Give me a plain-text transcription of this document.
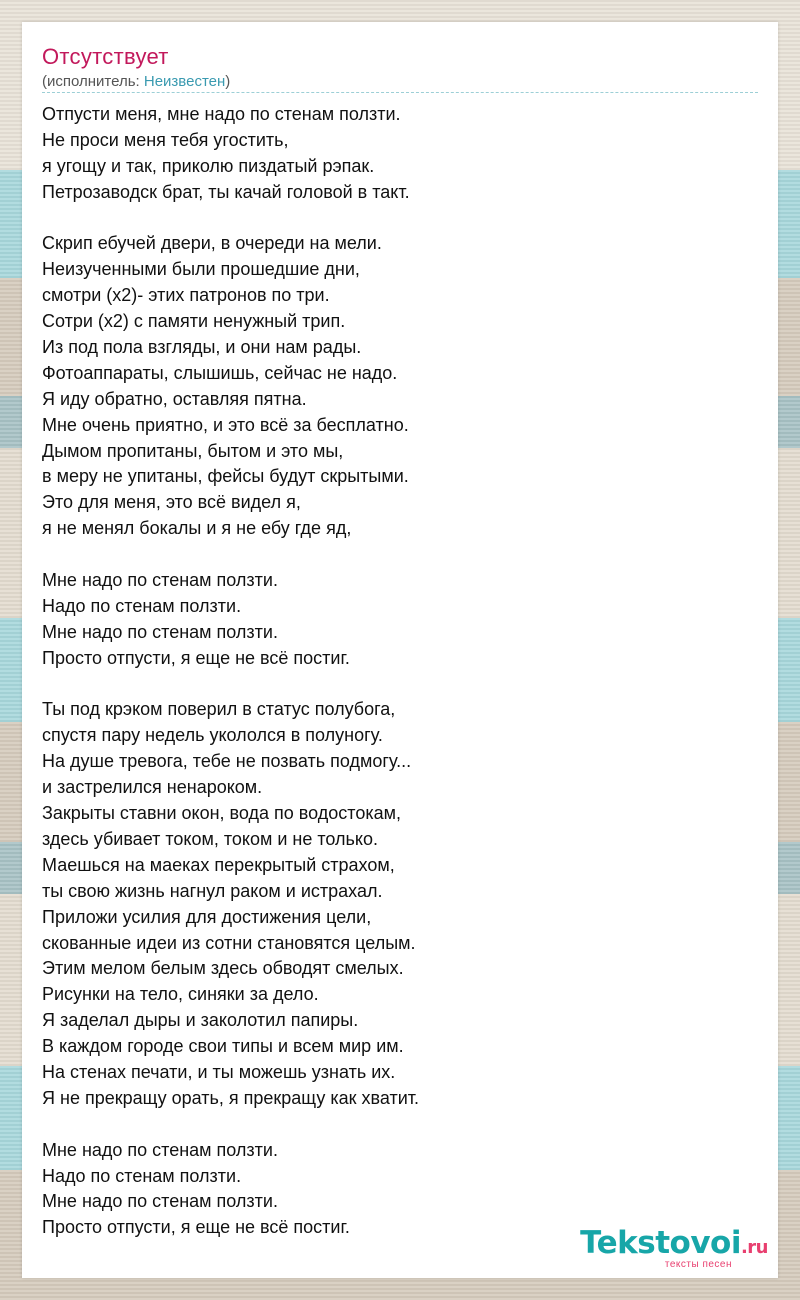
Отсутствует
(исполнитель: Неизвестен)
Отпусти меня, мне надо по стенам ползти.
Не проси меня тебя угостить,
я угощу и так, приколю пиздатый рэпак.
Петрозаводск брат, ты качай головой в такт.
Скрип ебучей двери, в очереди на мели.
Неизученными были прошедшие дни,
смотри (х2)- этих патронов по три.
Сотри (х2) с памяти ненужный трип.
Из под пола взгляды, и они нам рады.
Фотоаппараты, слышишь, сейчас не надо.
Я иду обратно, оставляя пятна.
Мне очень приятно, и это всё за бесплатно.
Дымом пропитаны, бытом и это мы,
в меру не упитаны, фейсы будут скрытыми.
Это для меня, это всё видел я,
я не менял бокалы и я не ебу где яд,
Мне надо по стенам ползти.
Надо по стенам ползти.
Мне надо по стенам ползти.
Просто отпусти, я еще не всё постиг.
Ты под крэком поверил в статус полубога,
спустя пару недель укололся в полуногу.
На душе тревога, тебе не позвать подмогу...
и застрелился ненароком.
Закрыты ставни окон, вода по водостокам,
здесь убивает током, током и не только.
Маешься на маеках перекрытый страхом,
ты свою жизнь нагнул раком и истрахал.
Приложи усилия для достижения цели,
скованные идеи из сотни становятся целым.
Этим мелом белым здесь обводят смелых.
Рисунки на тело, синяки за дело.
Я заделал дыры и заколотил папиры.
В каждом городе свои типы и всем мир им.
На стенах печати, и ты можешь узнать их.
Я не прекращу орать, я прекращу как хватит.
Мне надо по стенам ползти.
Надо по стенам ползти.
Мне надо по стенам ползти.
Просто отпусти, я еще не всё постиг.	Tekstovoi.ru
тексты песен
